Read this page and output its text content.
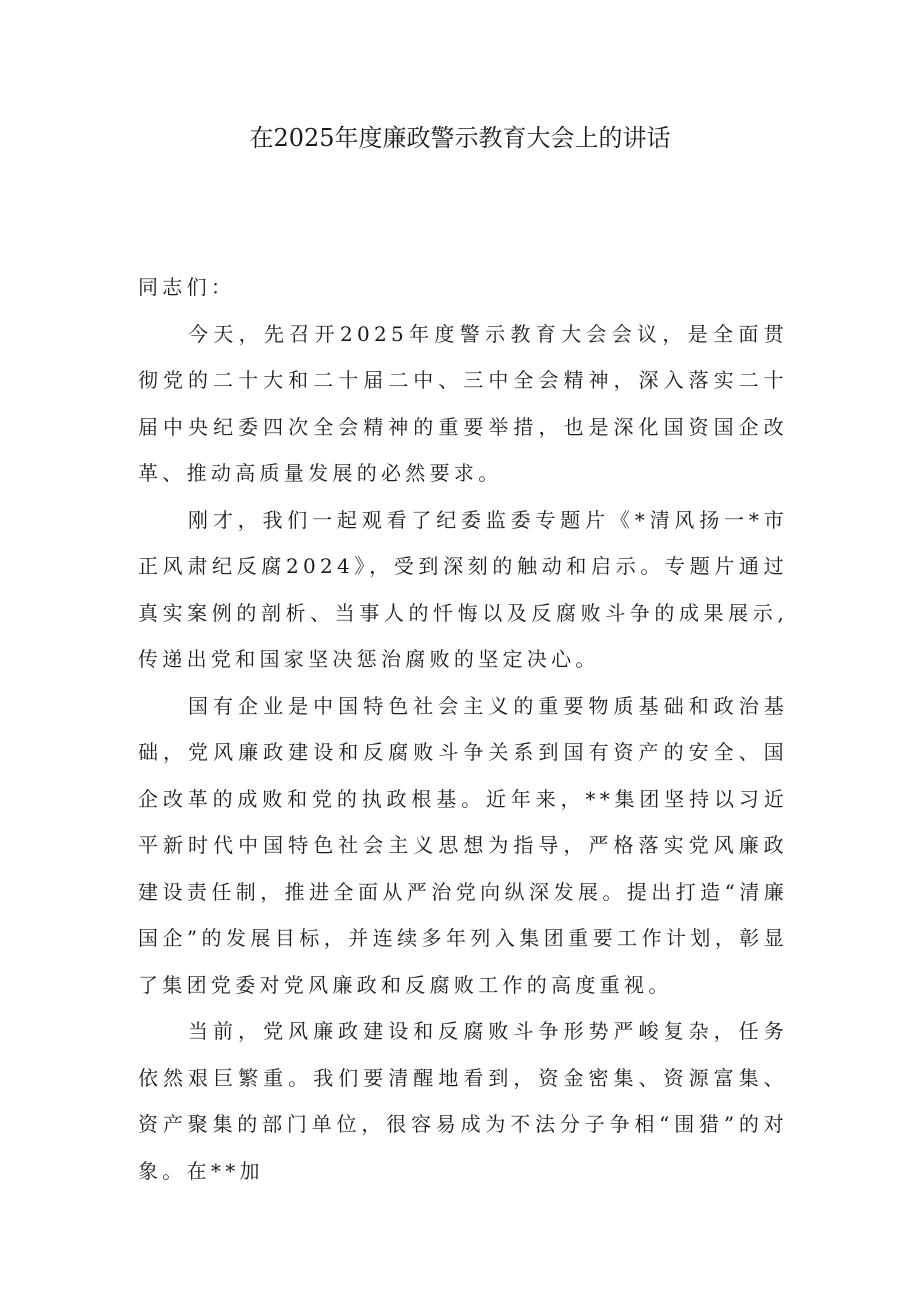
在2025年度廉政警示教育大会上的讲话

同志们：

今天，先召开2025年度警示教育大会会议，是全面贯彻党的二十大和二十届二中、三中全会精神，深入落实二十届中央纪委四次全会精神的重要举措，也是深化国资国企改革、推动高质量发展的必然要求。

刚才，我们一起观看了纪委监委专题片《*清风扬一*市正风肃纪反腐2024》，受到深刻的触动和启示。专题片通过真实案例的剖析、当事人的忏悔以及反腐败斗争的成果展示,传递出党和国家坚决惩治腐败的坚定决心。

国有企业是中国特色社会主义的重要物质基础和政治基础，党风廉政建设和反腐败斗争关系到国有资产的安全、国企改革的成败和党的执政根基。近年来，**集团坚持以习近平新时代中国特色社会主义思想为指导，严格落实党风廉政建设责任制，推进全面从严治党向纵深发展。提出打造“清廉国企”的发展目标，并连续多年列入集团重要工作计划，彰显了集团党委对党风廉政和反腐败工作的高度重视。

当前，党风廉政建设和反腐败斗争形势严峻复杂，任务依然艰巨繁重。我们要清醒地看到，资金密集、资源富集、资产聚集的部门单位，很容易成为不法分子争相“围猎”的对象。在**加
